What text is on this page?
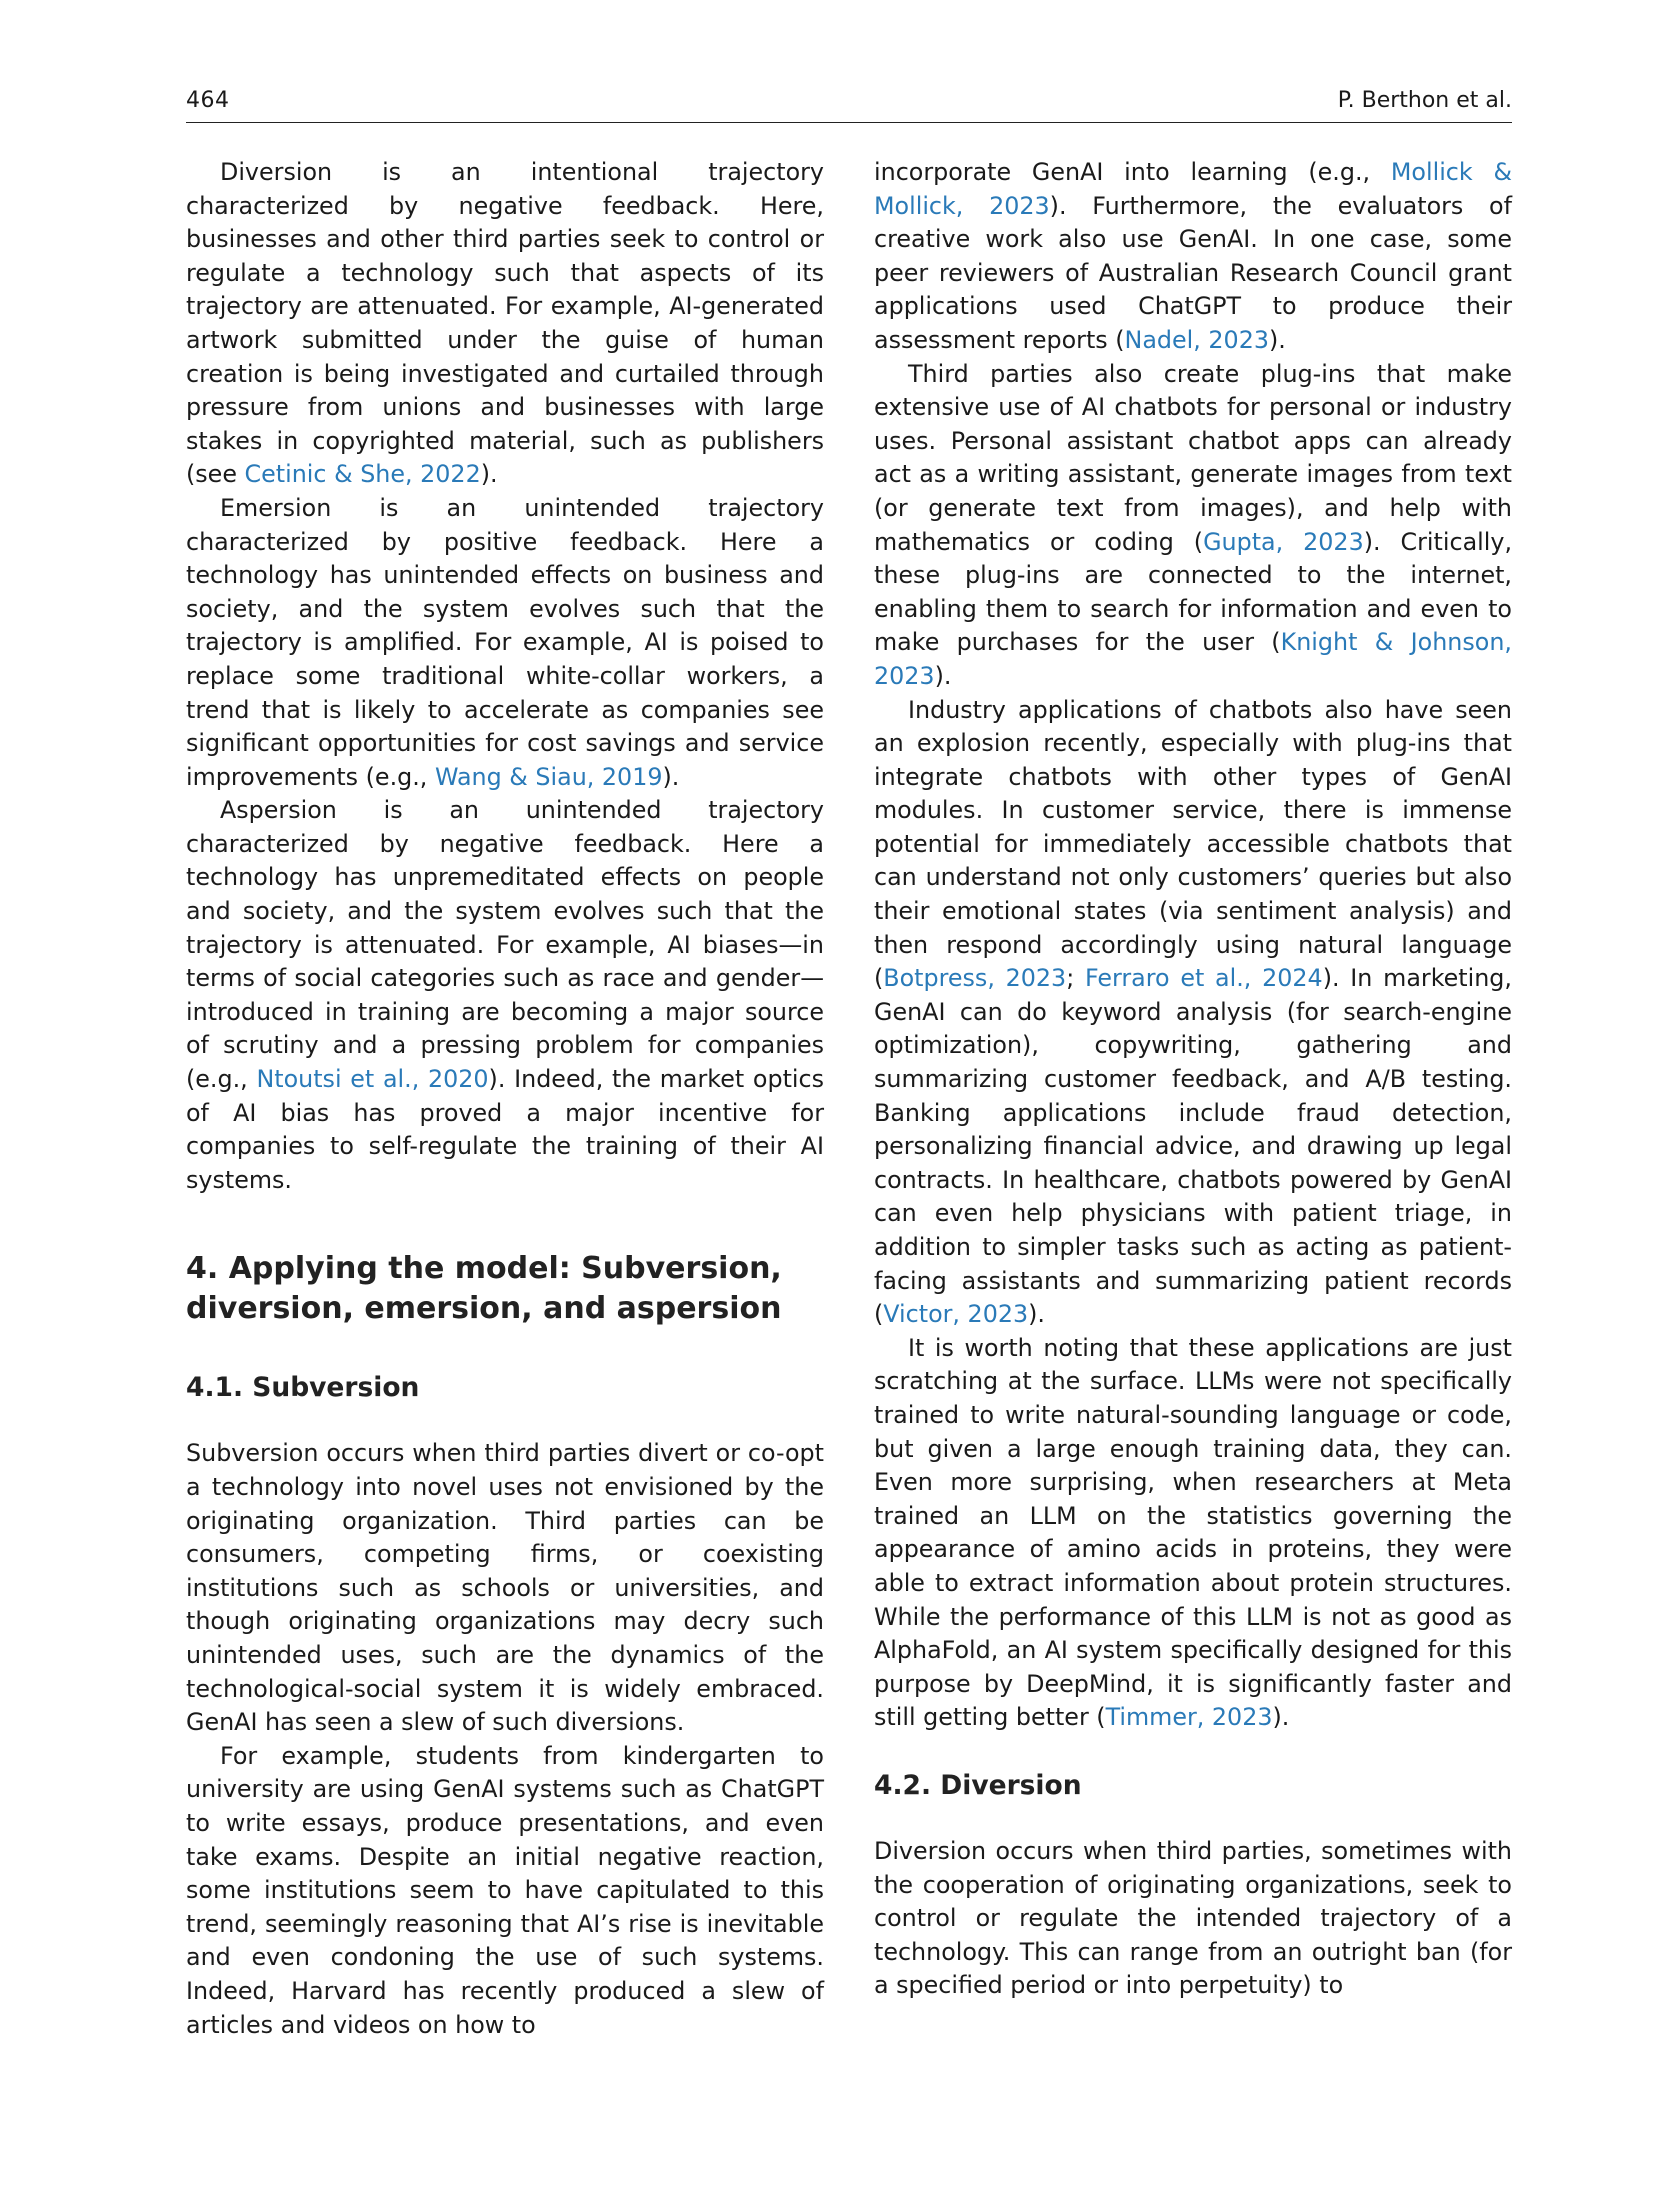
464	P. Berthon et al.

Diversion is an intentional trajectory characterized by negative feedback. Here, businesses and other third parties seek to control or regulate a technology such that aspects of its trajectory are attenuated. For example, AI-generated artwork submitted under the guise of human creation is being investigated and curtailed through pressure from unions and businesses with large stakes in copyrighted material, such as publishers (see Cetinic & She, 2022).

Emersion is an unintended trajectory characterized by positive feedback. Here a technology has unintended effects on business and society, and the system evolves such that the trajectory is amplified. For example, AI is poised to replace some traditional white-collar workers, a trend that is likely to accelerate as companies see significant opportunities for cost savings and service improvements (e.g., Wang & Siau, 2019).

Aspersion is an unintended trajectory characterized by negative feedback. Here a technology has unpremeditated effects on people and society, and the system evolves such that the trajectory is attenuated. For example, AI biases—in terms of social categories such as race and gender—introduced in training are becoming a major source of scrutiny and a pressing problem for companies (e.g., Ntoutsi et al., 2020). Indeed, the market optics of AI bias has proved a major incentive for companies to self-regulate the training of their AI systems.

4. Applying the model: Subversion, diversion, emersion, and aspersion
4.1. Subversion

Subversion occurs when third parties divert or co-opt a technology into novel uses not envisioned by the originating organization. Third parties can be consumers, competing firms, or coexisting institutions such as schools or universities, and though originating organizations may decry such unintended uses, such are the dynamics of the technological-social system it is widely embraced. GenAI has seen a slew of such diversions.

For example, students from kindergarten to university are using GenAI systems such as ChatGPT to write essays, produce presentations, and even take exams. Despite an initial negative reaction, some institutions seem to have capitulated to this trend, seemingly reasoning that AI’s rise is inevitable and even condoning the use of such systems. Indeed, Harvard has recently produced a slew of articles and videos on how to

incorporate GenAI into learning (e.g., Mollick & Mollick, 2023). Furthermore, the evaluators of creative work also use GenAI. In one case, some peer reviewers of Australian Research Council grant applications used ChatGPT to produce their assessment reports (Nadel, 2023).

Third parties also create plug-ins that make extensive use of AI chatbots for personal or industry uses. Personal assistant chatbot apps can already act as a writing assistant, generate images from text (or generate text from images), and help with mathematics or coding (Gupta, 2023). Critically, these plug-ins are connected to the internet, enabling them to search for information and even to make purchases for the user (Knight & Johnson, 2023).

Industry applications of chatbots also have seen an explosion recently, especially with plug-ins that integrate chatbots with other types of GenAI modules. In customer service, there is immense potential for immediately accessible chatbots that can understand not only customers’ queries but also their emotional states (via sentiment analysis) and then respond accordingly using natural language (Botpress, 2023; Ferraro et al., 2024). In marketing, GenAI can do keyword analysis (for search-engine optimization), copywriting, gathering and summarizing customer feedback, and A/B testing. Banking applications include fraud detection, personalizing financial advice, and drawing up legal contracts. In healthcare, chatbots powered by GenAI can even help physicians with patient triage, in addition to simpler tasks such as acting as patient-facing assistants and summarizing patient records (Victor, 2023).

It is worth noting that these applications are just scratching at the surface. LLMs were not specifically trained to write natural-sounding language or code, but given a large enough training data, they can. Even more surprising, when researchers at Meta trained an LLM on the statistics governing the appearance of amino acids in proteins, they were able to extract information about protein structures. While the performance of this LLM is not as good as AlphaFold, an AI system specifically designed for this purpose by DeepMind, it is significantly faster and still getting better (Timmer, 2023).

4.2. Diversion

Diversion occurs when third parties, sometimes with the cooperation of originating organizations, seek to control or regulate the intended trajectory of a technology. This can range from an outright ban (for a specified period or into perpetuity) to
